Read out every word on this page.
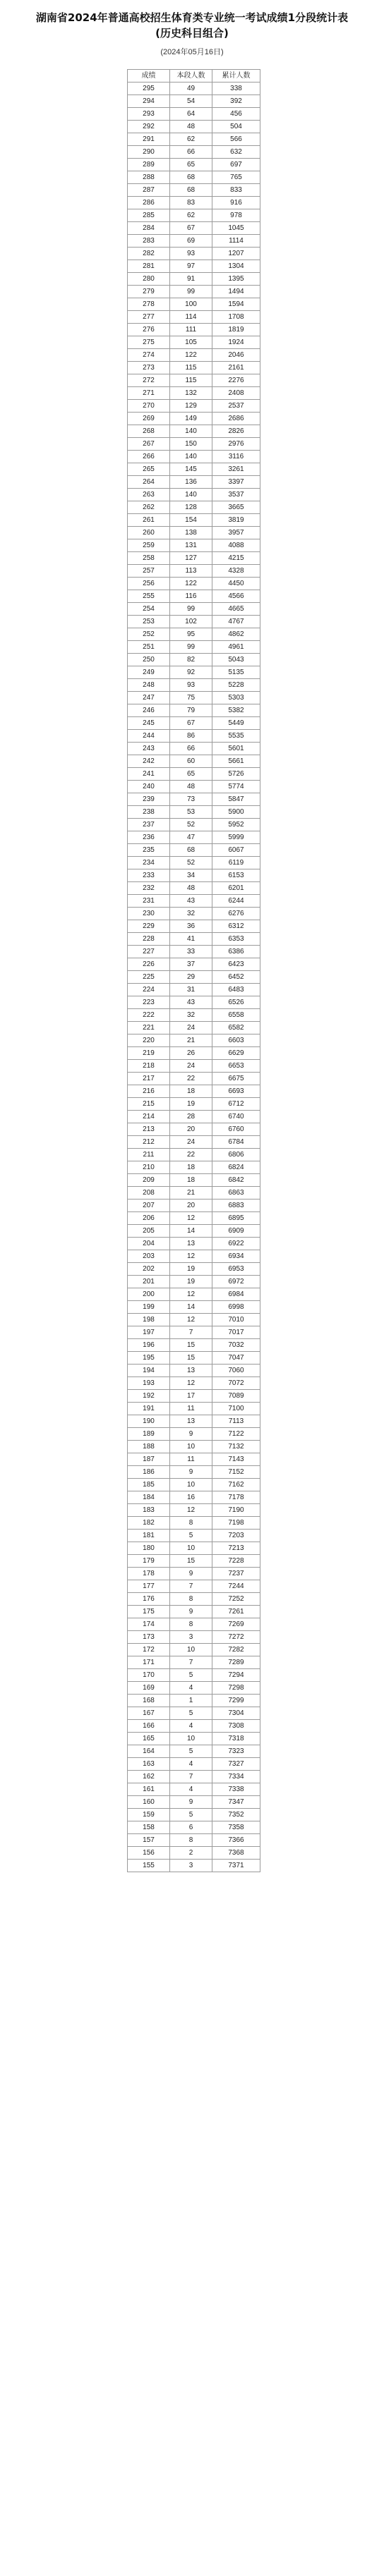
湖南省2024年普通高校招生体育类专业统一考试成绩1分段统计表
(历史科目组合)
(2024年05月16日)
成绩	本段人数	累计人数
295	49	338
294	54	392
293	64	456
292	48	504
291	62	566
290	66	632
289	65	697
288	68	765
287	68	833
286	83	916
285	62	978
284	67	1045
283	69	1114
282	93	1207
281	97	1304
280	91	1395
279	99	1494
278	100	1594
277	114	1708
276	111	1819
275	105	1924
274	122	2046
273	115	2161
272	115	2276
271	132	2408
270	129	2537
269	149	2686
268	140	2826
267	150	2976
266	140	3116
265	145	3261
264	136	3397
263	140	3537
262	128	3665
261	154	3819
260	138	3957
259	131	4088
258	127	4215
257	113	4328
256	122	4450
255	116	4566
254	99	4665
253	102	4767
252	95	4862
251	99	4961
250	82	5043
249	92	5135
248	93	5228
247	75	5303
246	79	5382
245	67	5449
244	86	5535
243	66	5601
242	60	5661
241	65	5726
240	48	5774
239	73	5847
238	53	5900
237	52	5952
236	47	5999
235	68	6067
234	52	6119
233	34	6153
232	48	6201
231	43	6244
230	32	6276
229	36	6312
228	41	6353
227	33	6386
226	37	6423
225	29	6452
224	31	6483
223	43	6526
222	32	6558
221	24	6582
220	21	6603
219	26	6629
218	24	6653
217	22	6675
216	18	6693
215	19	6712
214	28	6740
213	20	6760
212	24	6784
211	22	6806
210	18	6824
209	18	6842
208	21	6863
207	20	6883
206	12	6895
205	14	6909
204	13	6922
203	12	6934
202	19	6953
201	19	6972
200	12	6984
199	14	6998
198	12	7010
197	7	7017
196	15	7032
195	15	7047
194	13	7060
193	12	7072
192	17	7089
191	11	7100
190	13	7113
189	9	7122
188	10	7132
187	11	7143
186	9	7152
185	10	7162
184	16	7178
183	12	7190
182	8	7198
181	5	7203
180	10	7213
179	15	7228
178	9	7237
177	7	7244
176	8	7252
175	9	7261
174	8	7269
173	3	7272
172	10	7282
171	7	7289
170	5	7294
169	4	7298
168	1	7299
167	5	7304
166	4	7308
165	10	7318
164	5	7323
163	4	7327
162	7	7334
161	4	7338
160	9	7347
159	5	7352
158	6	7358
157	8	7366
156	2	7368
155	3	7371
